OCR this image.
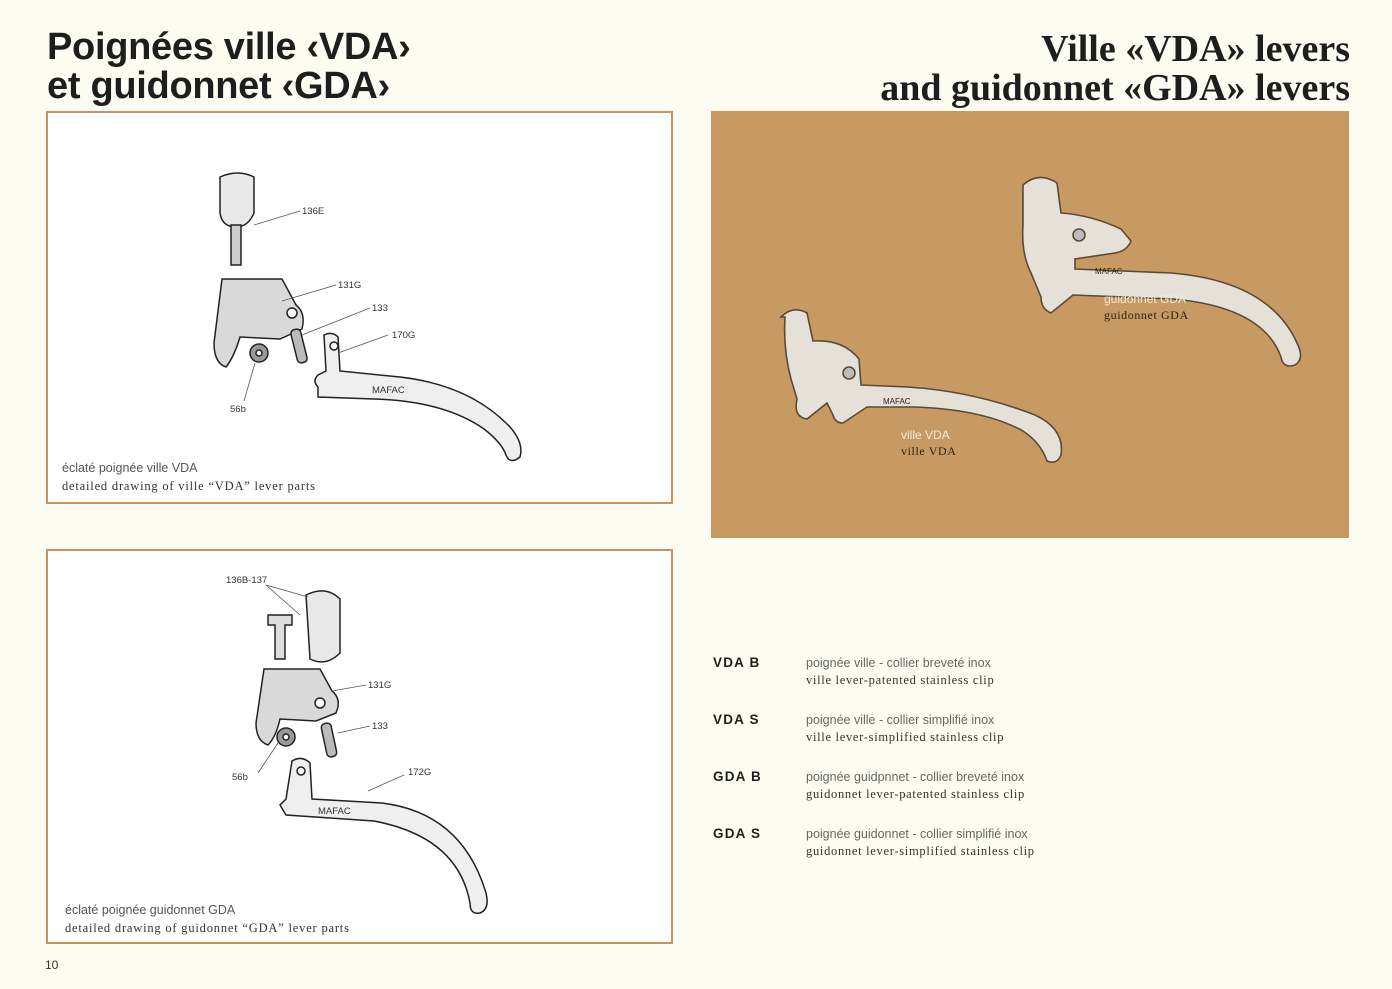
Poignées ville ‹VDA›
et guidonnet ‹GDA›
Ville «VDA» levers
and guidonnet «GDA» levers
MAFAC
136E
131G
133
170G
56b
éclaté poignée ville VDA
detailed drawing of ville “VDA” lever parts
MAFAC
MAFAC
guidonnet GDA
guidonnet GDA
ville VDA
ville VDA
MAFAC
136B-137
131G
133
56b	172G
éclaté poignée guidonnet GDA
detailed drawing of guidonnet “GDA” lever parts
VDA B	poignée ville - collier breveté inox
ville lever-patented stainless clip
VDA S	poignée ville - collier simplifié inox
ville lever-simplified stainless clip
GDA B	poignée guidpnnet - collier breveté inox
guidonnet lever-patented stainless clip
GDA S	poignée guidonnet - collier simplifié inox
guidonnet lever-simplified stainless clip
10
